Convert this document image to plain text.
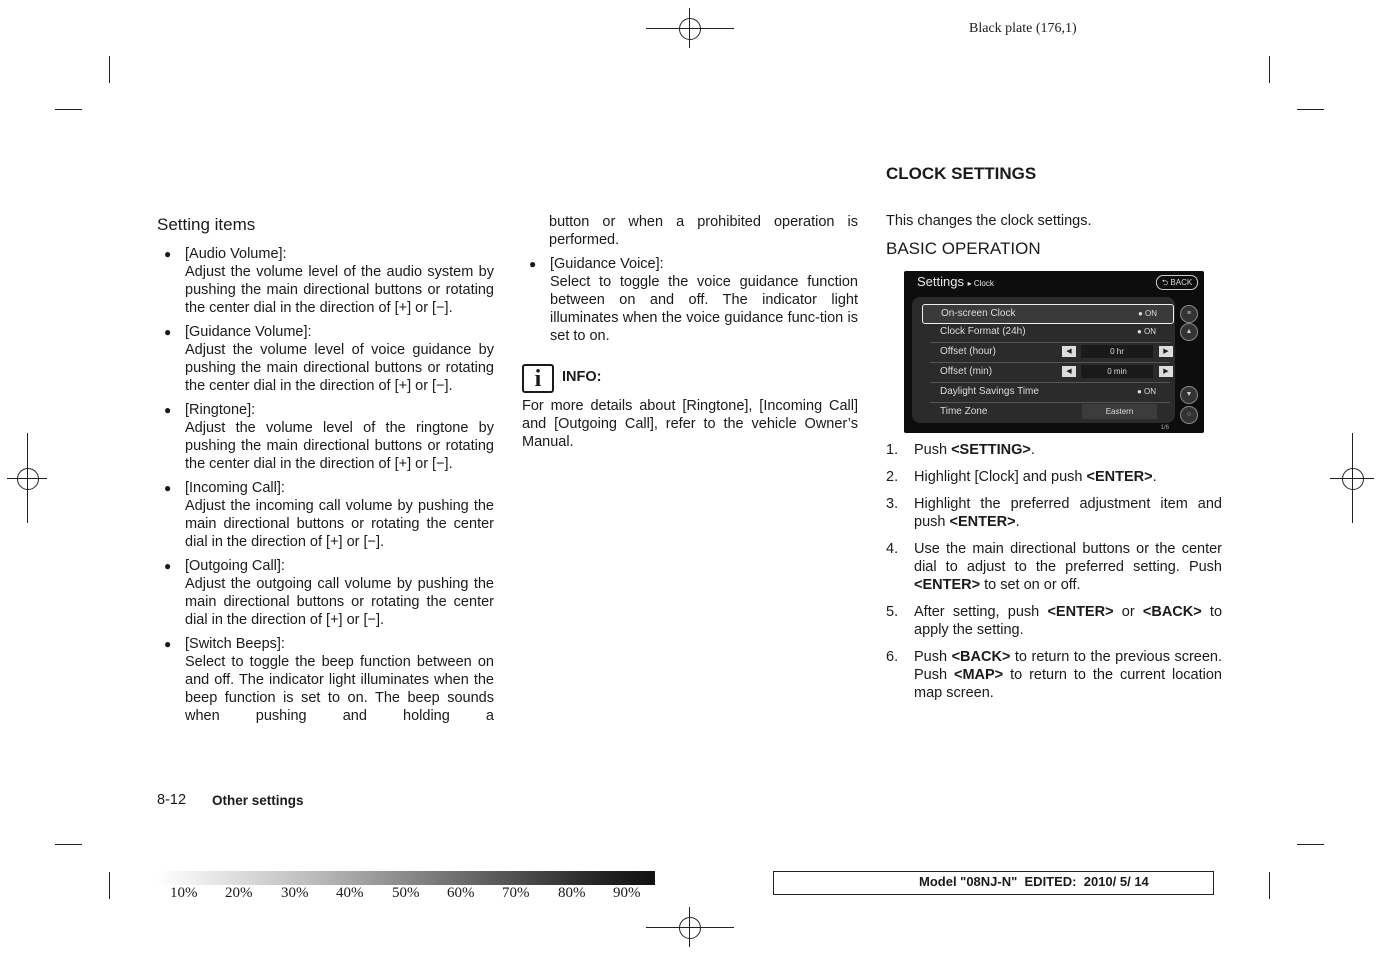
Black plate (176,1)
Setting items
● [Audio Volume]:
Adjust the volume level of the audio system by pushing the main directional buttons or rotating the center dial in the direction of [+] or [−].
● [Guidance Volume]:
Adjust the volume level of voice guidance by pushing the main directional buttons or rotating the center dial in the direction of [+] or [−].
● [Ringtone]:
Adjust the volume level of the ringtone by pushing the main directional buttons or rotating the center dial in the direction of [+] or [−].
● [Incoming Call]:
Adjust the incoming call volume by pushing the main directional buttons or rotating the center dial in the direction of [+] or [−].
● [Outgoing Call]:
Adjust the outgoing call volume by pushing the main directional buttons or rotating the center dial in the direction of [+] or [−].
● [Switch Beeps]:
Select to toggle the beep function between on and off. The indicator light illuminates when the beep function is set to on. The beep sounds when pushing and holding a
button or when a prohibited operation is performed.
● [Guidance Voice]:
Select to toggle the voice guidance function between on and off. The indicator light illuminates when the voice guidance func-tion is set to on.
i	INFO:
For more details about [Ringtone], [Incoming Call] and [Outgoing Call], refer to the vehicle Owner’s Manual.
CLOCK SETTINGS
This changes the clock settings.
BASIC OPERATION
Settings ▸ Clock	⮌ BACK
On-screen Clock	● ON
Clock Format (24h)	● ON
Offset (hour)	◀	0 hr	▶
Offset (min)	◀	0 min	▶
Daylight Savings Time	● ON
Time Zone	Eastern
≡
▲
▼
○
1/6
1. Push <SETTING>.
2. Highlight [Clock] and push <ENTER>.
3. Highlight the preferred adjustment item and push <ENTER>.
4. Use the main directional buttons or the center dial to adjust to the preferred setting. Push <ENTER> to set on or off.
5. After setting, push <ENTER> or <BACK> to apply the setting.
6. Push <BACK> to return to the previous screen. Push <MAP> to return to the current location map screen.
8-12 Other settings
10% 20% 30% 40% 50% 60% 70% 80% 90%
Model "08NJ-N"  EDITED:  2010/ 5/ 14
